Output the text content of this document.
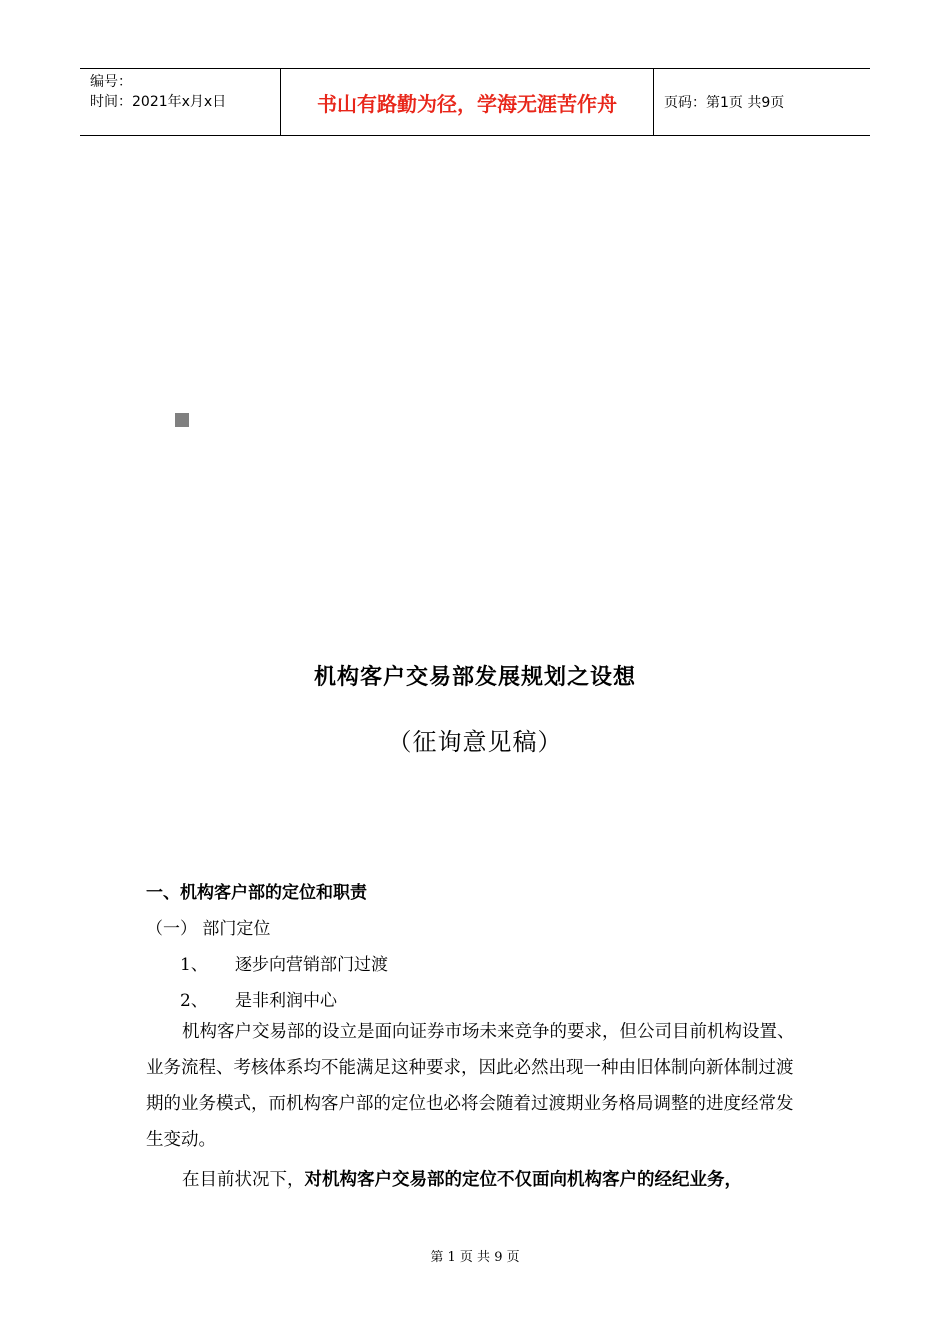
编号：
时间：2021年x月x日	书山有路勤为径，学海无涯苦作舟	页码：第1页 共9页
机构客户交易部发展规划之设想
（征询意见稿）
一、机构客户部的定位和职责
（一） 部门定位
1、 逐步向营销部门过渡
2、 是非利润中心
机构客户交易部的设立是面向证券市场未来竞争的要求，但公司目前机构设置、业务流程、考核体系均不能满足这种要求，因此必然出现一种由旧体制向新体制过渡期的业务模式，而机构客户部的定位也必将会随着过渡期业务格局调整的进度经常发生变动。
在目前状况下，对机构客户交易部的定位不仅面向机构客户的经纪业务，
第 1 页 共 9 页
